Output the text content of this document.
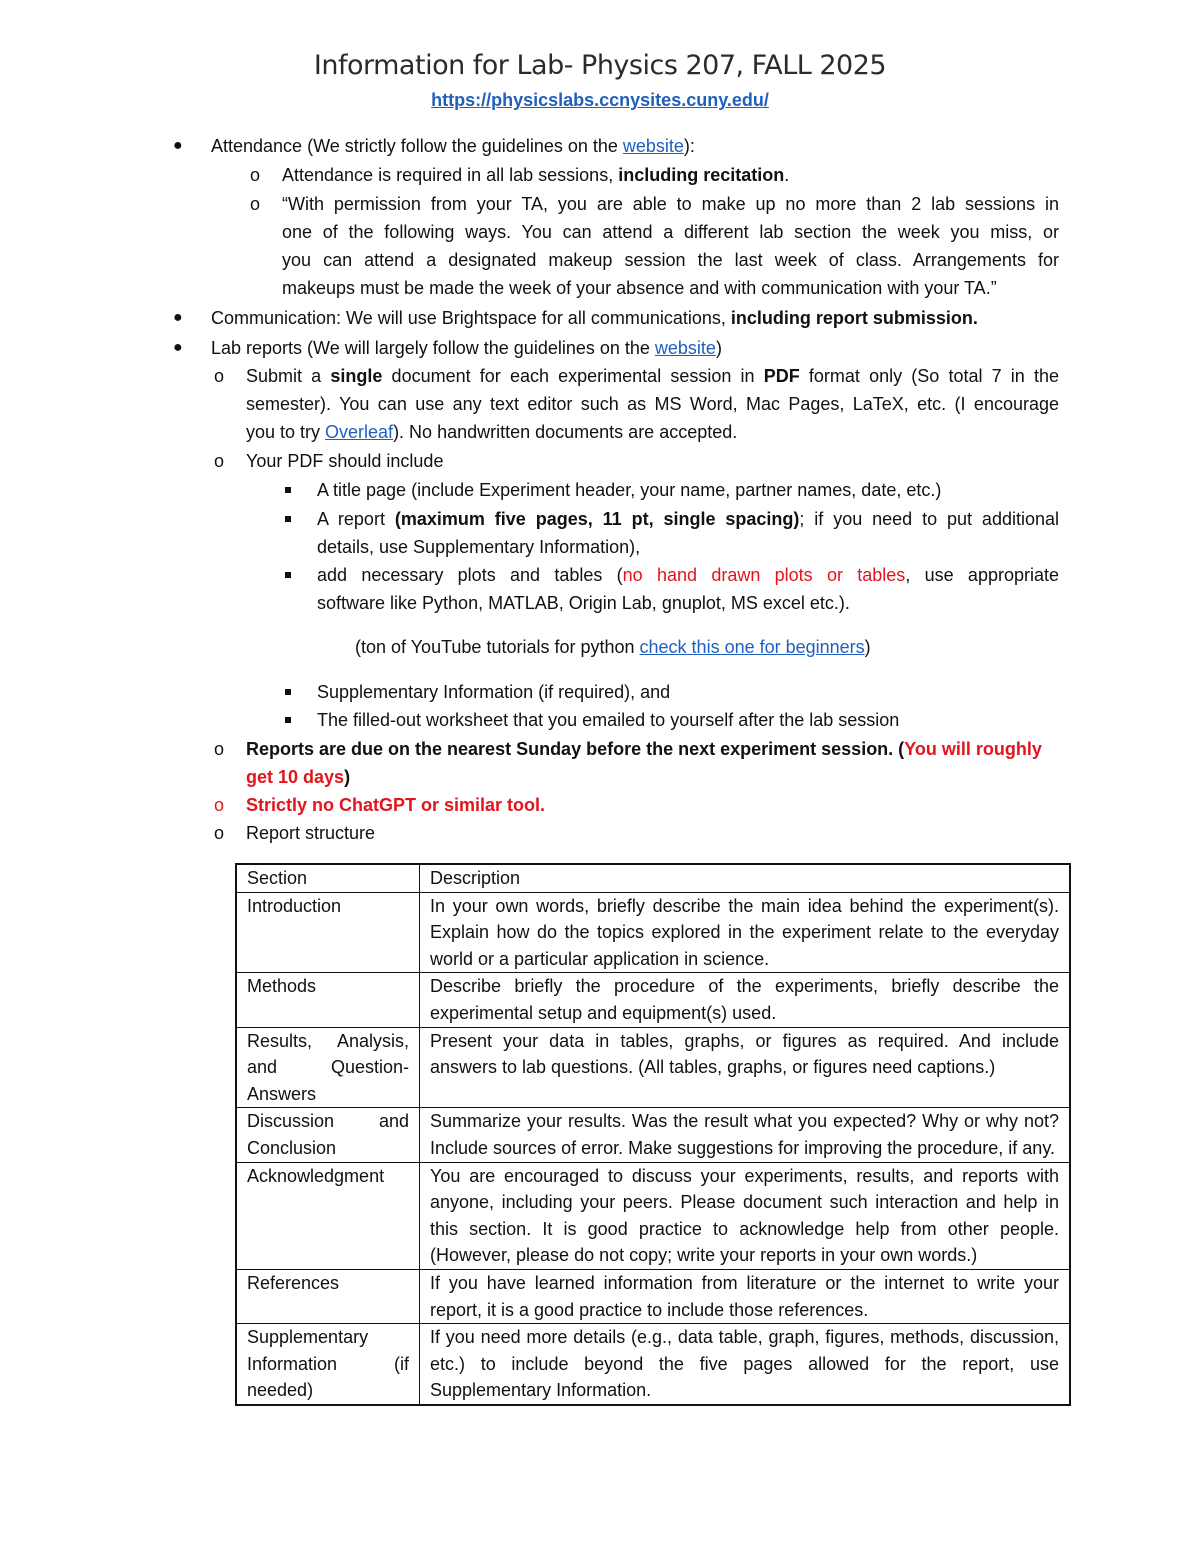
Information for Lab- Physics 207, FALL 2025
https://physicslabs.ccnysites.cuny.edu/
● Attendance (We strictly follow the guidelines on the website):
o Attendance is required in all lab sessions, including recitation.
o “With permission from your TA, you are able to make up no more than 2 lab sessions in
one of the following ways. You can attend a different lab section the week you miss, or
you can attend a designated makeup session the last week of class. Arrangements for
makeups must be made the week of your absence and with communication with your TA.”
● Communication: We will use Brightspace for all communications, including report submission.
● Lab reports (We will largely follow the guidelines on the website)
o Submit a single document for each experimental session in PDF format only (So total 7 in the
semester). You can use any text editor such as MS Word, Mac Pages, LaTeX, etc. (I encourage
you to try Overleaf). No handwritten documents are accepted.
o Your PDF should include
A title page (include Experiment header, your name, partner names, date, etc.)
A report (maximum five pages, 11 pt, single spacing); if you need to put additional
details, use Supplementary Information),
add necessary plots and tables (no hand drawn plots or tables, use appropriate
software like Python, MATLAB, Origin Lab, gnuplot, MS excel etc.).
(ton of YouTube tutorials for python check this one for beginners)
Supplementary Information (if required), and
The filled-out worksheet that you emailed to yourself after the lab session
o Reports are due on the nearest Sunday before the next experiment session. (You will roughly
get 10 days)
o Strictly no ChatGPT or similar tool.
o Report structure
Section	Description
Introduction	In your own words, briefly describe the main idea behind the experiment(s). Explain how do the topics explored in the experiment relate to the everyday world or a particular application in science.
Methods	Describe briefly the procedure of the experiments, briefly describe the experimental setup and equipment(s) used.
Results, Analysis, and Question-Answers	Present your data in tables, graphs, or figures as required. And include answers to lab questions. (All tables, graphs, or figures need captions.)
Discussion and Conclusion	Summarize your results. Was the result what you expected? Why or why not? Include sources of error. Make suggestions for improving the procedure, if any.
Acknowledgment	You are encouraged to discuss your experiments, results, and reports with anyone, including your peers. Please document such interaction and help in this section. It is good practice to acknowledge help from other people. (However, please do not copy; write your reports in your own words.)
References	If you have learned information from literature or the internet to write your report, it is a good practice to include those references.
Supplementary Information (if needed)	If you need more details (e.g., data table, graph, figures, methods, discussion, etc.) to include beyond the five pages allowed for the report, use Supplementary Information.
